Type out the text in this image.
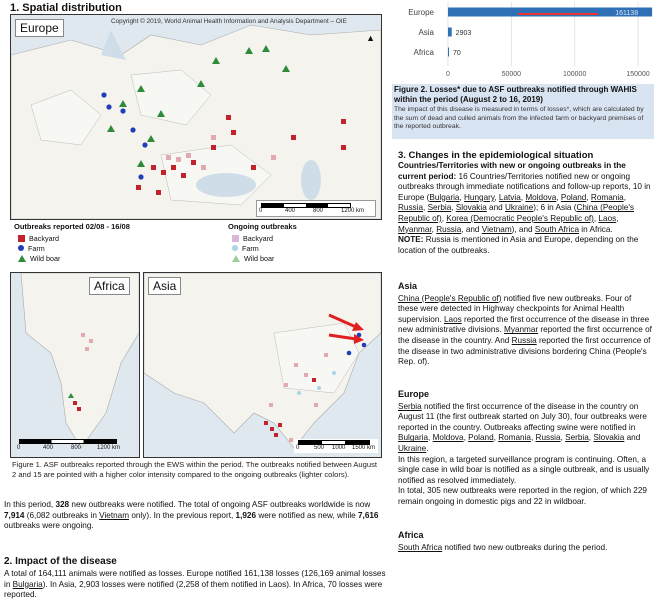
1. Spatial distribution
Europe	Copyright © 2019, World Animal Health Information and Analysis Department – OIE
0	400	800	1200 km
▲
Outbreaks reported 02/08 - 16/08
Backyard
Farm
Wild boar
Ongoing outbreaks
Backyard
Farm
Wild boar
Africa
0	400	800	1200 km
Asia
0 500 1000 1500 km
Figure 1. ASF outbreaks reported through the EWS within the period. The outbreaks notified between August 2 and 15 are pointed with a higher color intensity compared to the ongoing outbreaks (lighter colors).
In this period, 328 new outbreaks were notified. The total of ongoing ASF outbreaks worldwide is now 7,914 (6,082 outbreaks in Vietnam only). In the previous report, 1,926 were notified as new, while 7,616 outbreaks were ongoing.
2. Impact of the disease
A total of 164,111 animals were notified as losses. Europe notified 161,138 losses (126,169 animal losses in Bulgaria). In Asia, 2,903 losses were notified (2,258 of them notified in Laos). In Africa, 70 losses were reported.
0	50000	100000	150000
Europe	161138
Asia	2903
Africa	70
Figure 2. Losses* due to ASF outbreaks notified through WAHIS within the period (August 2 to 16, 2019)
The impact of this disease is measured in terms of losses*, which are calculated by the sum of dead and culled animals from the infected farm or backyard premises of the reported outbreak.
3. Changes in the epidemiological situation
Countries/Territories with new or ongoing outbreaks in the current period: 16 Countries/Territories notified new or ongoing outbreaks through immediate notifications and follow-up reports, 10 in Europe (Bulgaria, Hungary, Latvia, Moldova, Poland, Romania, Russia, Serbia, Slovakia and Ukraine); 6 in Asia (China (People's Republic of), Korea (Democratic People's Republic of), Laos, Myanmar, Russia, and Vietnam), and South Africa in Africa.
NOTE: Russia is mentioned in Asia and Europe, depending on the location of the outbreaks.
Asia
China (People's Republic of) notified five new outbreaks. Four of these were detected in Highway checkpoints for Animal Health supervision. Laos reported the first occurrence of the disease in three new administrative divisions. Myanmar reported the first occurrence of the disease in the country. And Russia reported the first occurrence of the disease in two administrative divisions bordering China (People's Rep. of).
Europe
Serbia notified the first occurrence of the disease in the country on August 11 (the first outbreak started on July 30), four outbreaks were reported in the country. Outbreaks affecting swine were notified in Bulgaria, Moldova, Poland, Romania, Russia, Serbia, Slovakia and Ukraine.
In this region, a targeted surveillance program is continuing. Often, a single case in wild boar is notified as a single outbreak, and is usually notified as resolved immediately.
In total, 305 new outbreaks were reported in the region, of which 229 remain ongoing in domestic pigs and 22 in wildboar.
Africa
South Africa notified two new outbreaks during the period.
